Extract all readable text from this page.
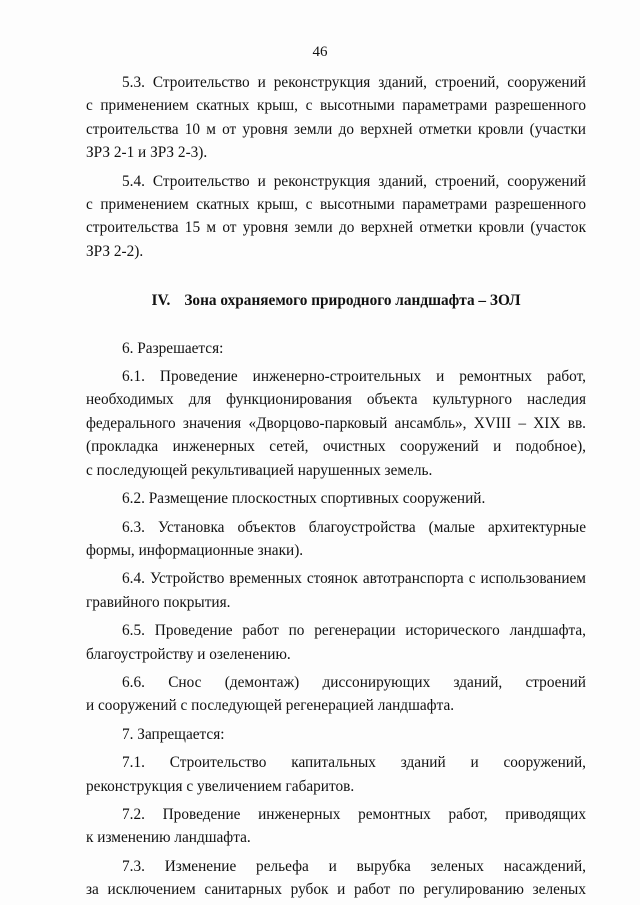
46

5.3. Строительство и реконструкция зданий, строений, сооружений

с применением скатных крыш, с высотными параметрами разрешенного

строительства 10 м от уровня земли до верхней отметки кровли (участки

ЗРЗ 2-1 и ЗРЗ 2-3).

5.4. Строительство и реконструкция зданий, строений, сооружений

с применением скатных крыш, с высотными параметрами разрешенного

строительства 15 м от уровня земли до верхней отметки кровли (участок

ЗРЗ 2-2).

IV. Зона охраняемого природного ландшафта – ЗОЛ

6. Разрешается:

6.1. Проведение инженерно-строительных и ремонтных работ,

необходимых для функционирования объекта культурного наследия

федерального значения «Дворцово-парковый ансамбль», XVIII – XIX вв.

(прокладка инженерных сетей, очистных сооружений и подобное),

с последующей рекультивацией нарушенных земель.

6.2. Размещение плоскостных спортивных сооружений.

6.3. Установка объектов благоустройства (малые архитектурные

формы, информационные знаки).

6.4. Устройство временных стоянок автотранспорта с использованием

гравийного покрытия.

6.5. Проведение работ по регенерации исторического ландшафта,

благоустройству и озеленению.

6.6. Снос (демонтаж) диссонирующих зданий, строений

и сооружений с последующей регенерацией ландшафта.

7. Запрещается:

7.1. Строительство капитальных зданий и сооружений,

реконструкция с увеличением габаритов.

7.2. Проведение инженерных ремонтных работ, приводящих

к изменению ландшафта.

7.3. Изменение рельефа и вырубка зеленых насаждений,

за исключением санитарных рубок и работ по регулированию зеленых
